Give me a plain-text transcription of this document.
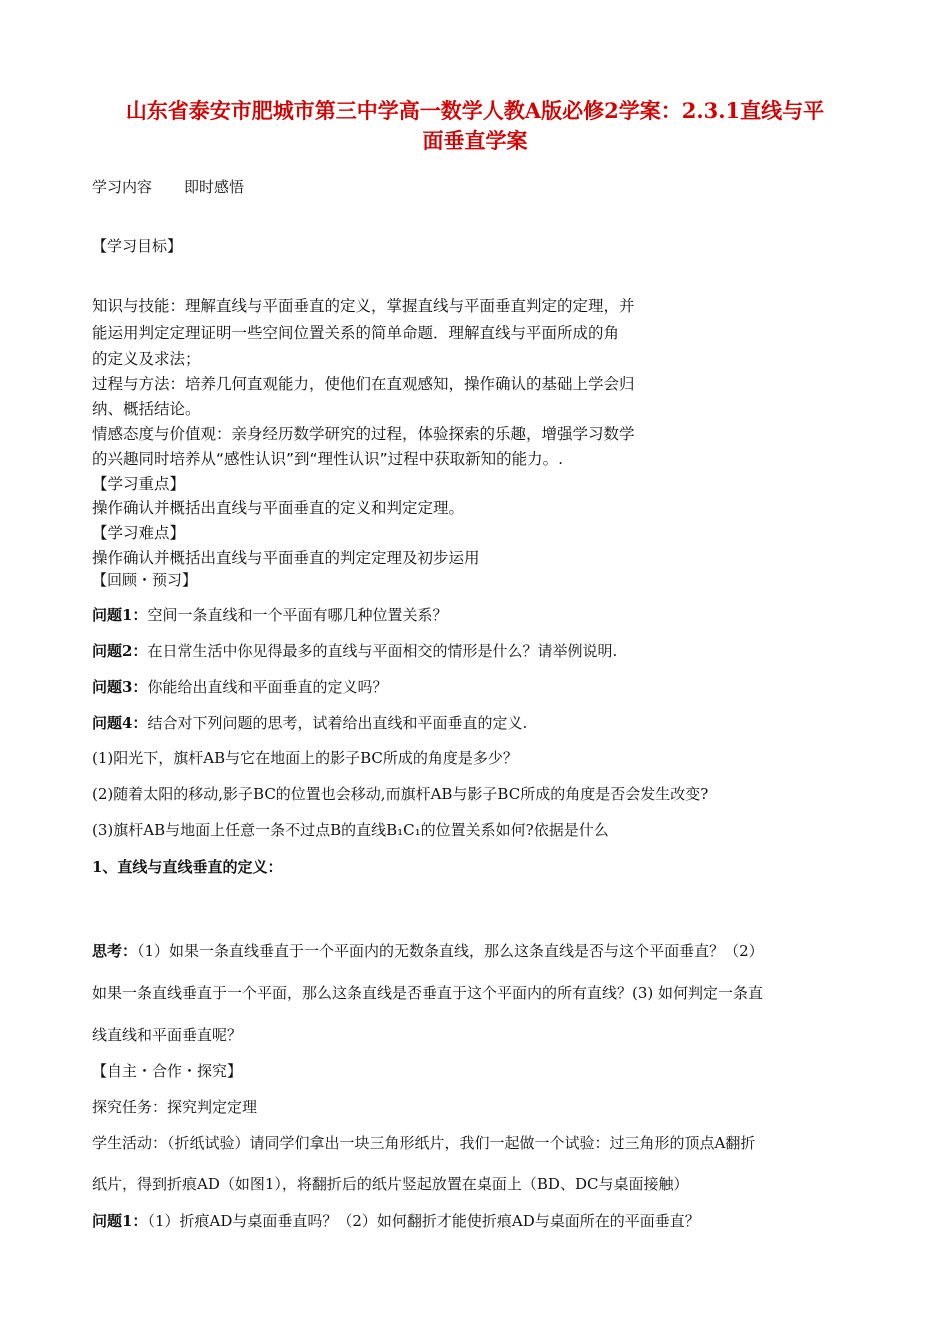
山东省泰安市肥城市第三中学高一数学人教A版必修2学案：2.3.1直线与平
面垂直学案
学习内容 即时感悟
【学习目标】
知识与技能：理解直线与平面垂直的定义，掌握直线与平面垂直判定的定理，并
能运用判定定理证明一些空间位置关系的简单命题．理解直线与平面所成的角
的定义及求法；
过程与方法：培养几何直观能力，使他们在直观感知，操作确认的基础上学会归
纳、概括结论。
情感态度与价值观：亲身经历数学研究的过程，体验探索的乐趣，增强学习数学
的兴趣同时培养从“感性认识”到“理性认识”过程中获取新知的能力。.
【学习重点】
操作确认并概括出直线与平面垂直的定义和判定定理。
【学习难点】
操作确认并概括出直线与平面垂直的判定定理及初步运用
【回顾・预习】
问题1：空间一条直线和一个平面有哪几种位置关系？
问题2：在日常生活中你见得最多的直线与平面相交的情形是什么？请举例说明.
问题3：你能给出直线和平面垂直的定义吗？
问题4：结合对下列问题的思考，试着给出直线和平面垂直的定义.
(1)阳光下，旗杆AB与它在地面上的影子BC所成的角度是多少？
(2)随着太阳的移动,影子BC的位置也会移动,而旗杆AB与影子BC所成的角度是否会发生改变?
(3)旗杆AB与地面上任意一条不过点B的直线B₁C₁的位置关系如何?依据是什么
1、直线与直线垂直的定义：
思考：（1）如果一条直线垂直于一个平面内的无数条直线，那么这条直线是否与这个平面垂直？（2）
如果一条直线垂直于一个平面，那么这条直线是否垂直于这个平面内的所有直线？(3) 如何判定一条直
线直线和平面垂直呢？
【自主・合作・探究】
探究任务：探究判定定理
学生活动：（折纸试验）请同学们拿出一块三角形纸片，我们一起做一个试验：过三角形的顶点A翻折
纸片，得到折痕AD（如图1），将翻折后的纸片竖起放置在桌面上（BD、DC与桌面接触）
问题1：（1）折痕AD与桌面垂直吗？（2）如何翻折才能使折痕AD与桌面所在的平面垂直？
